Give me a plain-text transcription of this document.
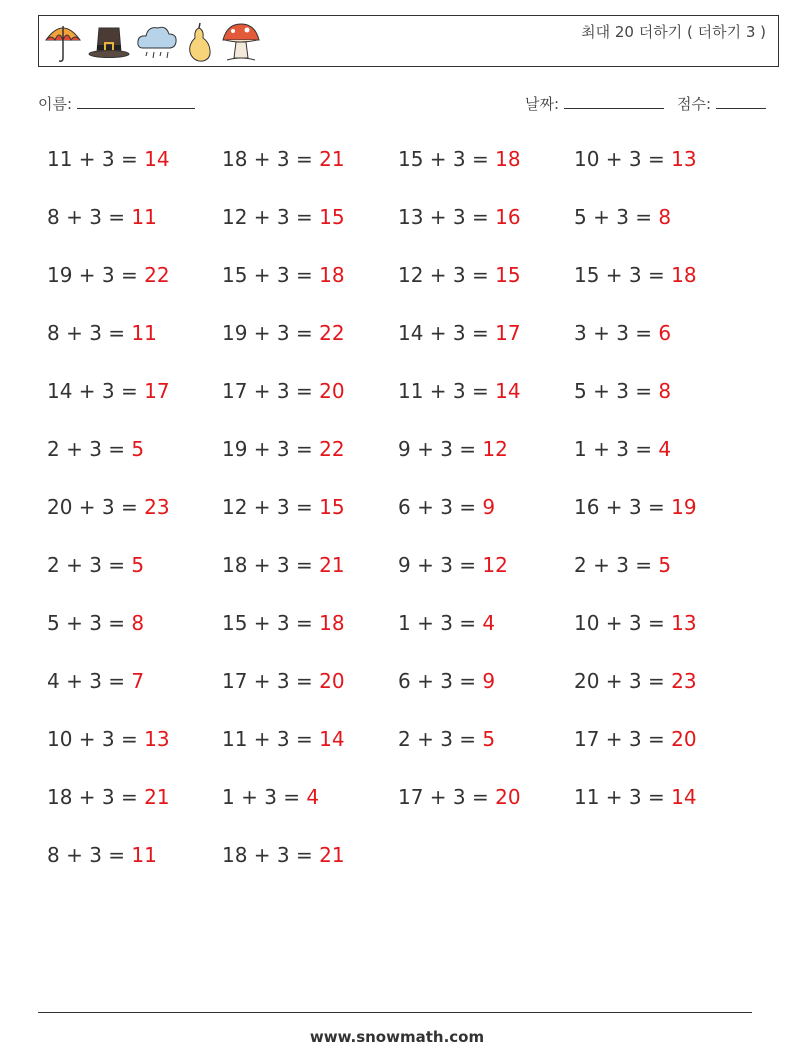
최대 20 더하기 ( 더하기 3 )
이름:	날짜:	점수:
11 + 3 = 14	18 + 3 = 21	15 + 3 = 18	10 + 3 = 13
8 + 3 = 11	12 + 3 = 15	13 + 3 = 16	5 + 3 = 8
19 + 3 = 22	15 + 3 = 18	12 + 3 = 15	15 + 3 = 18
8 + 3 = 11	19 + 3 = 22	14 + 3 = 17	3 + 3 = 6
14 + 3 = 17	17 + 3 = 20	11 + 3 = 14	5 + 3 = 8
2 + 3 = 5	19 + 3 = 22	9 + 3 = 12	1 + 3 = 4
20 + 3 = 23	12 + 3 = 15	6 + 3 = 9	16 + 3 = 19
2 + 3 = 5	18 + 3 = 21	9 + 3 = 12	2 + 3 = 5
5 + 3 = 8	15 + 3 = 18	1 + 3 = 4	10 + 3 = 13
4 + 3 = 7	17 + 3 = 20	6 + 3 = 9	20 + 3 = 23
10 + 3 = 13	11 + 3 = 14	2 + 3 = 5	17 + 3 = 20
18 + 3 = 21	1 + 3 = 4	17 + 3 = 20	11 + 3 = 14
8 + 3 = 11	18 + 3 = 21
www.snowmath.com
